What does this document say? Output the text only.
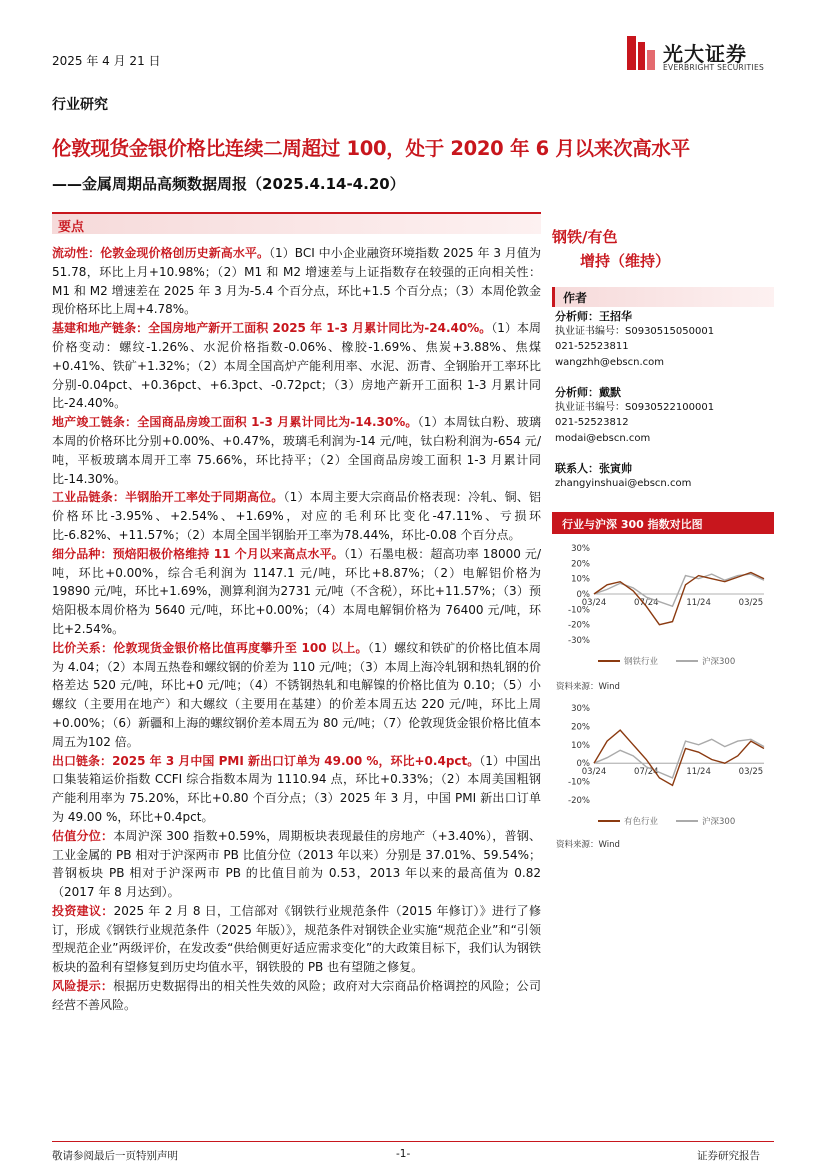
2025 年 4 月 21 日	光大证券
EVERBRIGHT SECURITIES
行业研究
伦敦现货金银价格比连续二周超过 100，处于 2020 年 6 月以来次高水平
——金属周期品高频数据周报（2025.4.14-4.20）
要点

流动性：伦敦金现价格创历史新高水平。（1）BCI 中小企业融资环境指数 2025 年 3 月值为 51.78，环比上月+10.98%；（2）M1 和 M2 增速差与上证指数存在较强的正向相关性：M1 和 M2 增速差在 2025 年 3 月为-5.4 个百分点，环比+1.5 个百分点；（3）本周伦敦金现价格环比上周+4.78%。

基建和地产链条：全国房地产新开工面积 2025 年 1-3 月累计同比为-24.40%。（1）本周价格变动：螺纹-1.26%、水泥价格指数-0.06%、橡胶-1.69%、焦炭+3.88%、焦煤+0.41%、铁矿+1.32%；（2）本周全国高炉产能利用率、水泥、沥青、全钢胎开工率环比分别-0.04pct、+0.36pct、+6.3pct、-0.72pct；（3）房地产新开工面积 1-3 月累计同比-24.40%。

地产竣工链条：全国商品房竣工面积 1-3 月累计同比为-14.30%。（1）本周钛白粉、玻璃本周的价格环比分别+0.00%、+0.47%，玻璃毛利润为-14 元/吨，钛白粉利润为-654 元/吨，平板玻璃本周开工率 75.66%，环比持平；（2）全国商品房竣工面积 1-3 月累计同比-14.30%。

工业品链条：半钢胎开工率处于同期高位。（1）本周主要大宗商品价格表现：冷轧、铜、铝价格环比-3.95%、+2.54%、+1.69%，对应的毛利环比变化-47.11%、亏损环比-6.82%、+11.57%；（2）本周全国半钢胎开工率为78.44%，环比-0.08 个百分点。

细分品种：预焙阳极价格维持 11 个月以来高点水平。（1）石墨电极：超高功率 18000 元/吨，环比+0.00%，综合毛利润为 1147.1 元/吨，环比+8.87%；（2）电解铝价格为 19890 元/吨，环比+1.69%，测算利润为2731 元/吨（不含税），环比+11.57%；（3）预焙阳极本周价格为 5640 元/吨，环比+0.00%；（4）本周电解铜价格为 76400 元/吨，环比+2.54%。

比价关系：伦敦现货金银价格比值再度攀升至 100 以上。（1）螺纹和铁矿的价格比值本周为 4.04；（2）本周五热卷和螺纹钢的价差为 110 元/吨；（3）本周上海冷轧钢和热轧钢的价格差达 520 元/吨，环比+0 元/吨；（4）不锈钢热轧和电解镍的价格比值为 0.10；（5）小螺纹（主要用在地产）和大螺纹（主要用在基建）的价差本周五达 220 元/吨，环比上周+0.00%；（6）新疆和上海的螺纹钢价差本周五为 80 元/吨；（7）伦敦现货金银价格比值本周五为102 倍。

出口链条：2025 年 3 月中国 PMI 新出口订单为 49.00 %，环比+0.4pct。（1）中国出口集装箱运价指数 CCFI 综合指数本周为 1110.94 点，环比+0.33%；（2）本周美国粗钢产能利用率为 75.20%，环比+0.80 个百分点；（3）2025 年 3 月，中国 PMI 新出口订单为 49.00 %，环比+0.4pct。

估值分位：本周沪深 300 指数+0.59%，周期板块表现最佳的房地产（+3.40%），普钢、工业金属的 PB 相对于沪深两市 PB 比值分位（2013 年以来）分别是 37.01%、59.54%；普钢板块 PB 相对于沪深两市 PB 的比值目前为 0.53，2013 年以来的最高值为 0.82（2017 年 8 月达到）。

投资建议：2025 年 2 月 8 日，工信部对《钢铁行业规范条件（2015 年修订）》进行了修订，形成《钢铁行业规范条件（2025 年版）》，规范条件对钢铁企业实施“规范企业”和“引领型规范企业”两级评价，在发改委“供给侧更好适应需求变化”的大政策目标下，我们认为钢铁板块的盈利有望修复到历史均值水平，钢铁股的 PB 也有望随之修复。

风险提示：根据历史数据得出的相关性失效的风险；政府对大宗商品价格调控的风险；公司经营不善风险。

钢铁/有色
增持（维持）
作者
分析师：王招华
执业证书编号：S0930515050001
021-52523811
wangzhh@ebscn.com
分析师：戴默
执业证书编号：S0930522100001
021-52523812
modai@ebscn.com
联系人：张寅帅
zhangyinshuai@ebscn.com
行业与沪深 300 指数对比图
30%
20%
10%
0%
-10%
-20%
-30%
03/24	07/24	11/24	03/25
钢铁行业	沪深300
资料来源：Wind
30%
20%
10%
0%
-10%
-20%
03/24	07/24	11/24	03/25
有色行业	沪深300
资料来源：Wind
敬请参阅最后一页特别声明	-1-	证券研究报告
